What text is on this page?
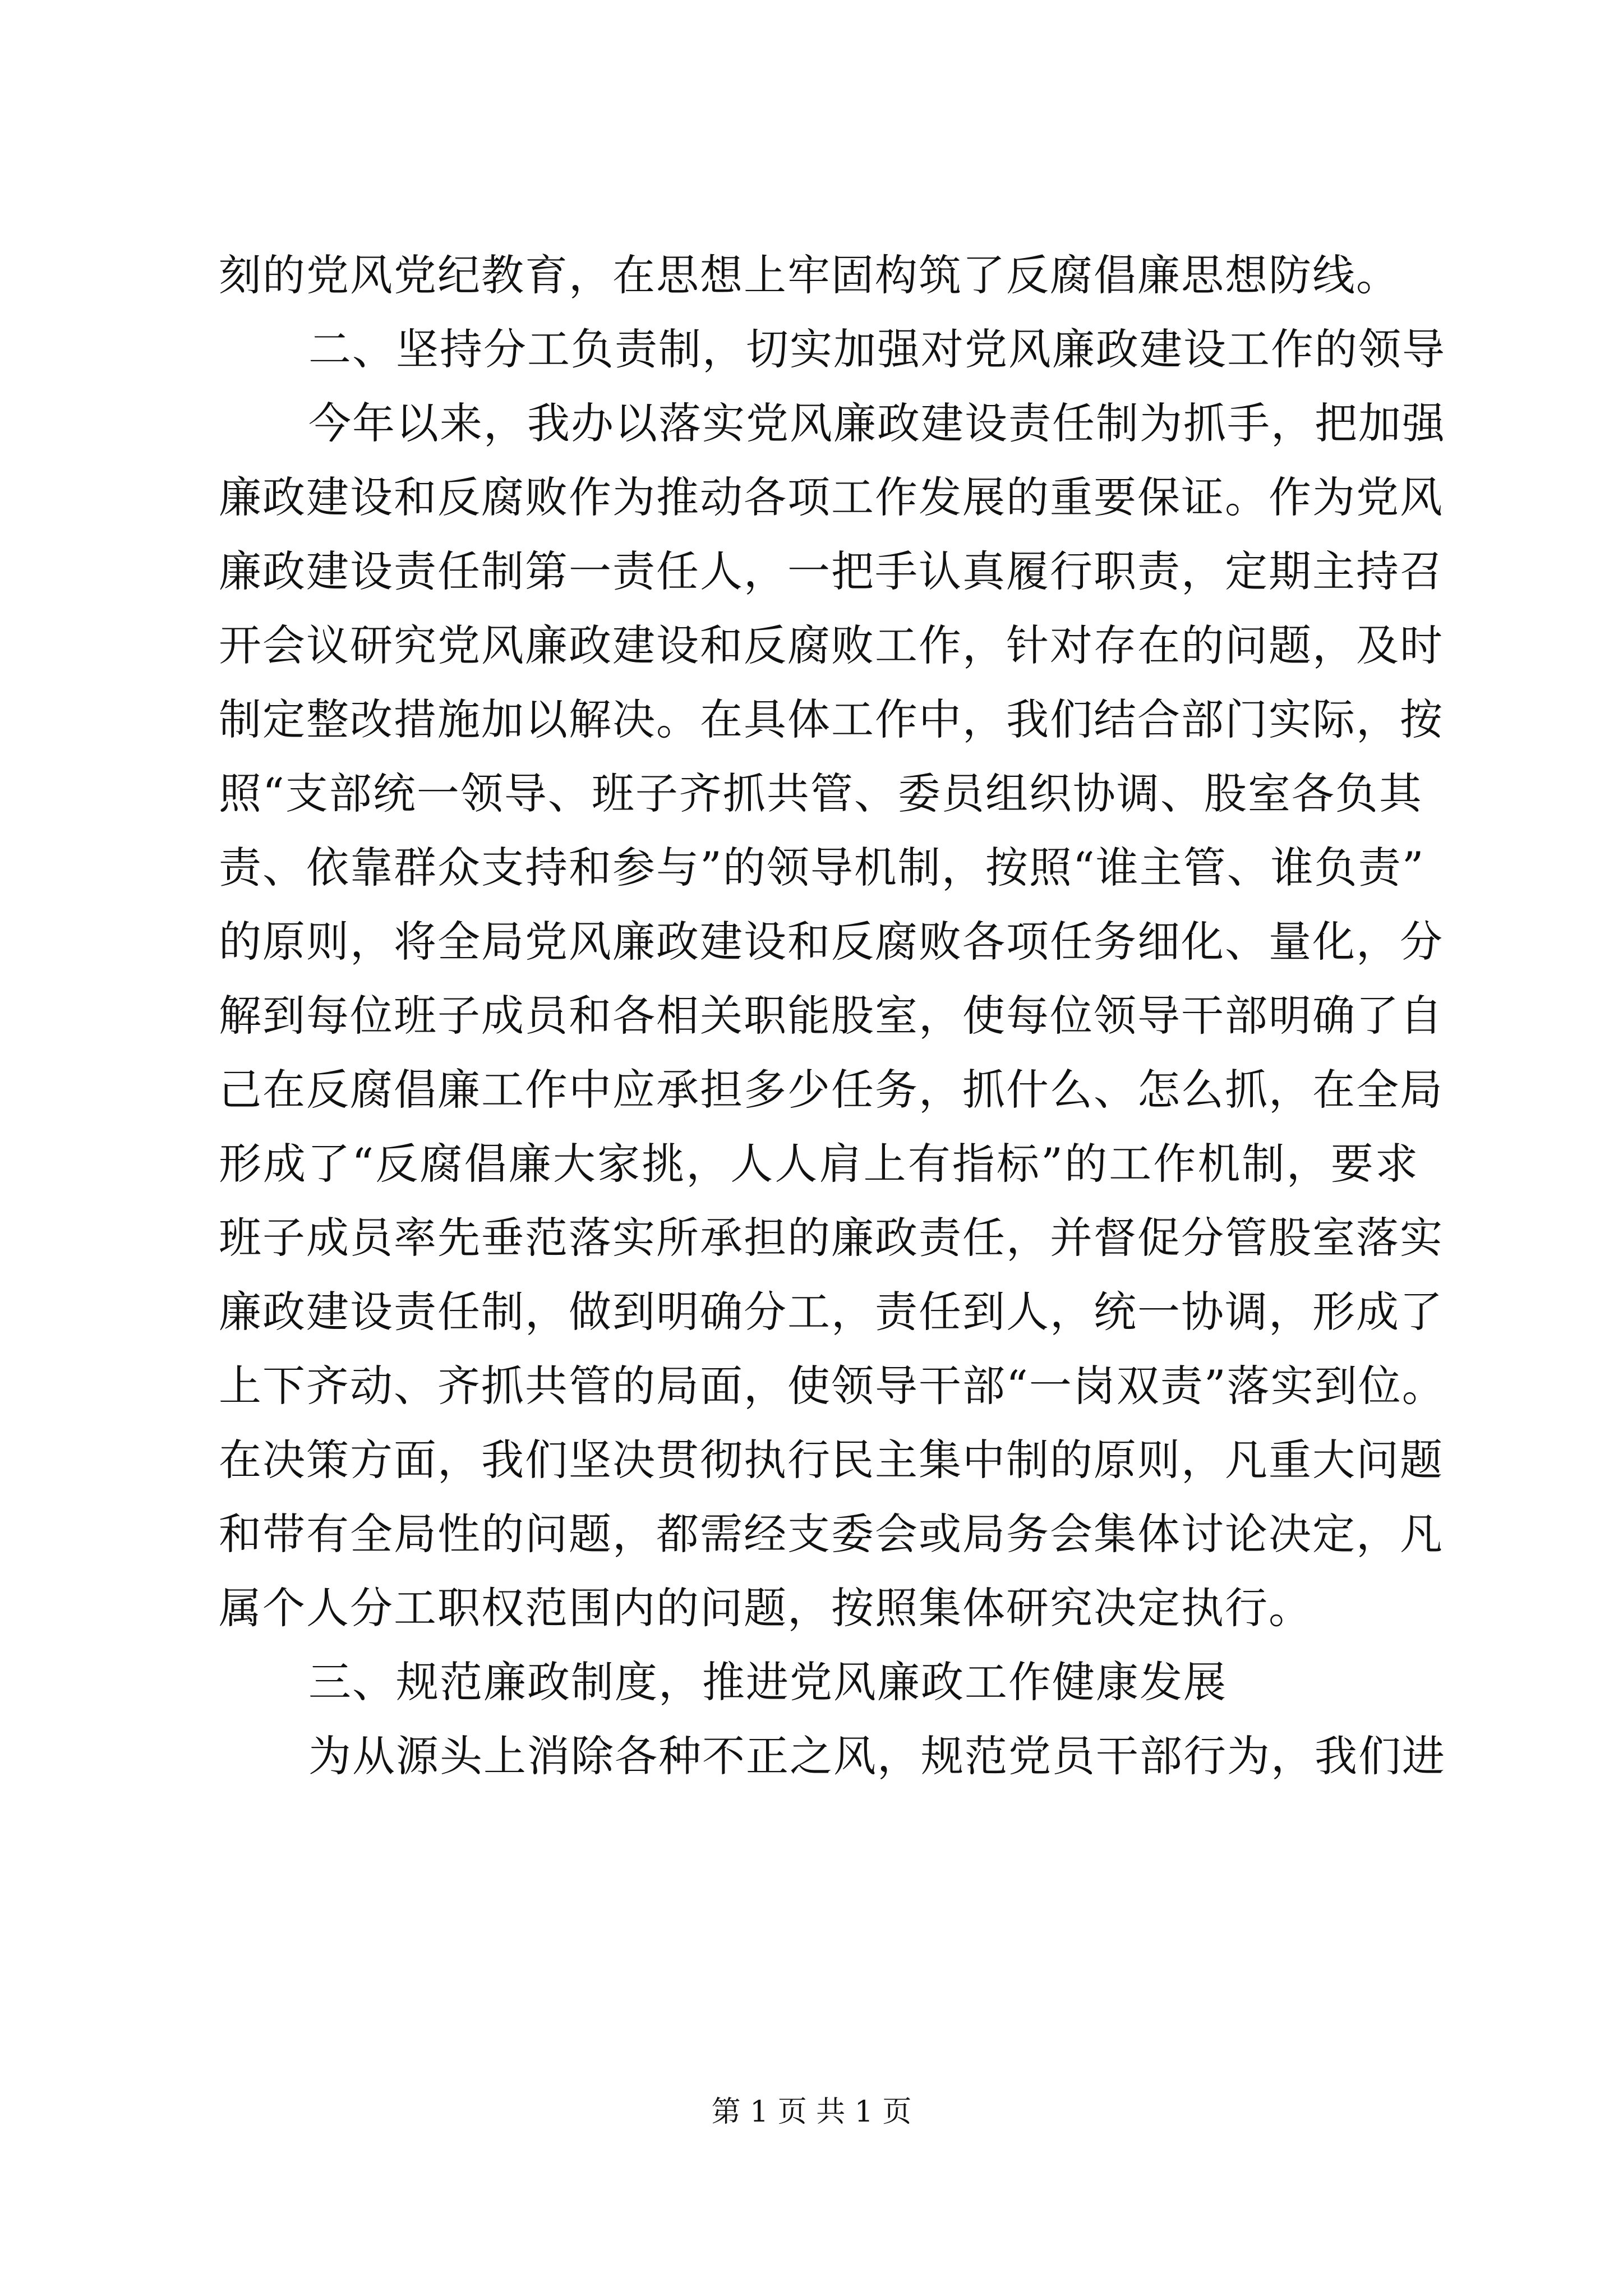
刻的党风党纪教育，在思想上牢固构筑了反腐倡廉思想防线。
二、坚持分工负责制，切实加强对党风廉政建设工作的领导
今年以来，我办以落实党风廉政建设责任制为抓手，把加强
廉政建设和反腐败作为推动各项工作发展的重要保证。作为党风
廉政建设责任制第一责任人，一把手认真履行职责，定期主持召
开会议研究党风廉政建设和反腐败工作，针对存在的问题，及时
制定整改措施加以解决。在具体工作中，我们结合部门实际，按
照“支部统一领导、班子齐抓共管、委员组织协调、股室各负其
责、依靠群众支持和参与”的领导机制，按照“谁主管、谁负责”
的原则，将全局党风廉政建设和反腐败各项任务细化、量化，分
解到每位班子成员和各相关职能股室，使每位领导干部明确了自
己在反腐倡廉工作中应承担多少任务，抓什么、怎么抓，在全局
形成了“反腐倡廉大家挑，人人肩上有指标”的工作机制，要求
班子成员率先垂范落实所承担的廉政责任，并督促分管股室落实
廉政建设责任制，做到明确分工，责任到人，统一协调，形成了
上下齐动、齐抓共管的局面，使领导干部“一岗双责”落实到位。
在决策方面，我们坚决贯彻执行民主集中制的原则，凡重大问题
和带有全局性的问题，都需经支委会或局务会集体讨论决定，凡
属个人分工职权范围内的问题，按照集体研究决定执行。
三、规范廉政制度，推进党风廉政工作健康发展
为从源头上消除各种不正之风，规范党员干部行为，我们进
第 1 页 共 1 页
